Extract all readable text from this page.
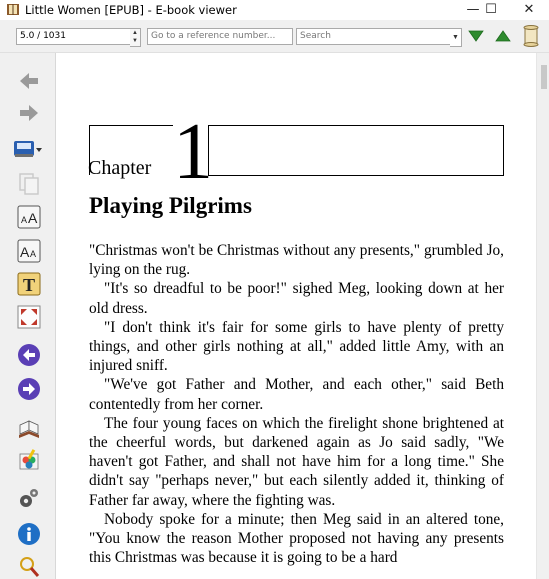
Little Women [EPUB] - E-book viewer	— ☐	✕
5.0 / 1031	▲
▼	Go to a reference number...	Search	▼
A A
A A
T
Chapter 1
Playing Pilgrims

"Christmas won't be Christmas without any presents," grumbled Jo, lying on the rug.

"It's so dreadful to be poor!" sighed Meg, looking down at her old dress.

"I don't think it's fair for some girls to have plenty of pretty things, and other girls nothing at all," added little Amy, with an injured sniff.

"We've got Father and Mother, and each other," said Beth contentedly from her corner.

The four young faces on which the firelight shone brightened at the cheerful words, but darkened again as Jo said sadly, "We haven't got Father, and shall not have him for a long time." She didn't say "perhaps never," but each silently added it, thinking of Father far away, where the fighting was.

Nobody spoke for a minute; then Meg said in an altered tone, "You know the reason Mother proposed not having any presents this Christmas was because it is going to be a hard
